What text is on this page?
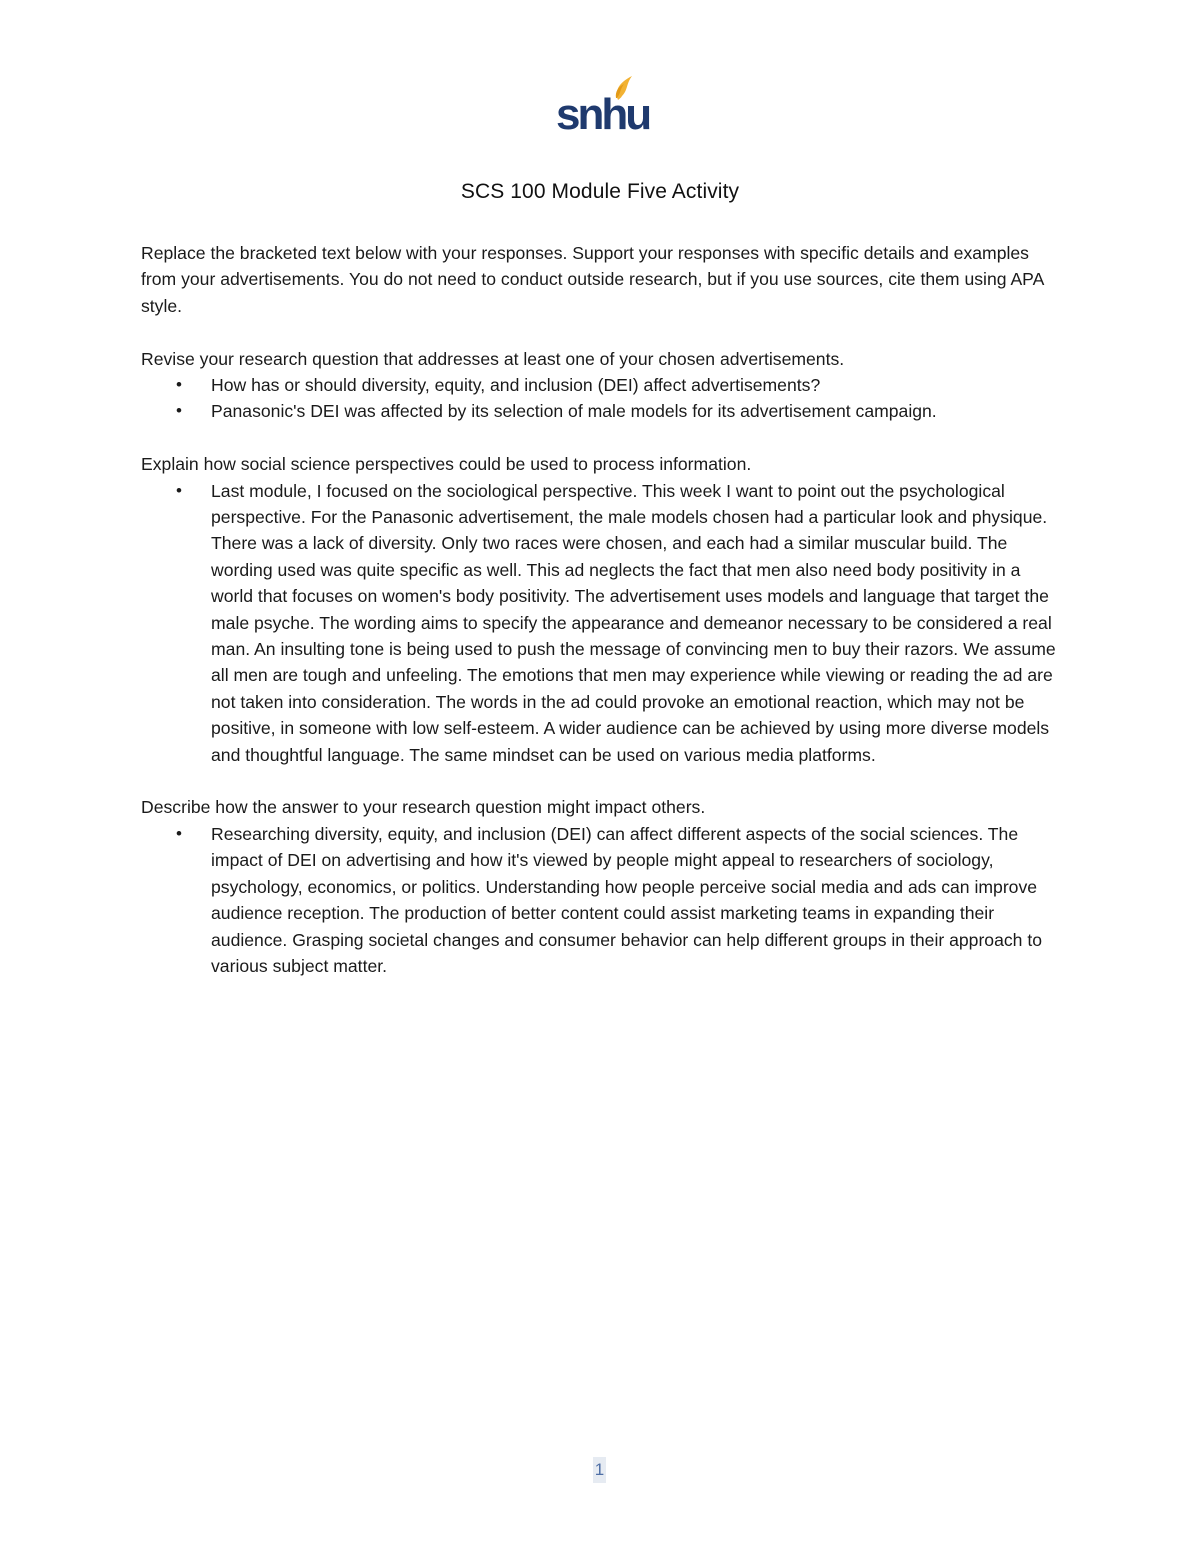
snhu
SCS 100 Module Five Activity

Replace the bracketed text below with your responses. Support your responses with specific details and examples from your advertisements. You do not need to conduct outside research, but if you use sources, cite them using APA style.

Revise your research question that addresses at least one of your chosen advertisements.

• How has or should diversity, equity, and inclusion (DEI) affect advertisements?
• Panasonic's DEI was affected by its selection of male models for its advertisement campaign.

Explain how social science perspectives could be used to process information.

• Last module, I focused on the sociological perspective. This week I want to point out the psychological perspective. For the Panasonic advertisement, the male models chosen had a particular look and physique. There was a lack of diversity. Only two races were chosen, and each had a similar muscular build. The wording used was quite specific as well. This ad neglects the fact that men also need body positivity in a world that focuses on women's body positivity. The advertisement uses models and language that target the male psyche. The wording aims to specify the appearance and demeanor necessary to be considered a real man. An insulting tone is being used to push the message of convincing men to buy their razors. We assume all men are tough and unfeeling. The emotions that men may experience while viewing or reading the ad are not taken into consideration. The words in the ad could provoke an emotional reaction, which may not be positive, in someone with low self-esteem. A wider audience can be achieved by using more diverse models and thoughtful language. The same mindset can be used on various media platforms.

Describe how the answer to your research question might impact others.

• Researching diversity, equity, and inclusion (DEI) can affect different aspects of the social sciences. The impact of DEI on advertising and how it's viewed by people might appeal to researchers of sociology, psychology, economics, or politics. Understanding how people perceive social media and ads can improve audience reception. The production of better content could assist marketing teams in expanding their audience. Grasping societal changes and consumer behavior can help different groups in their approach to various subject matter.
1
